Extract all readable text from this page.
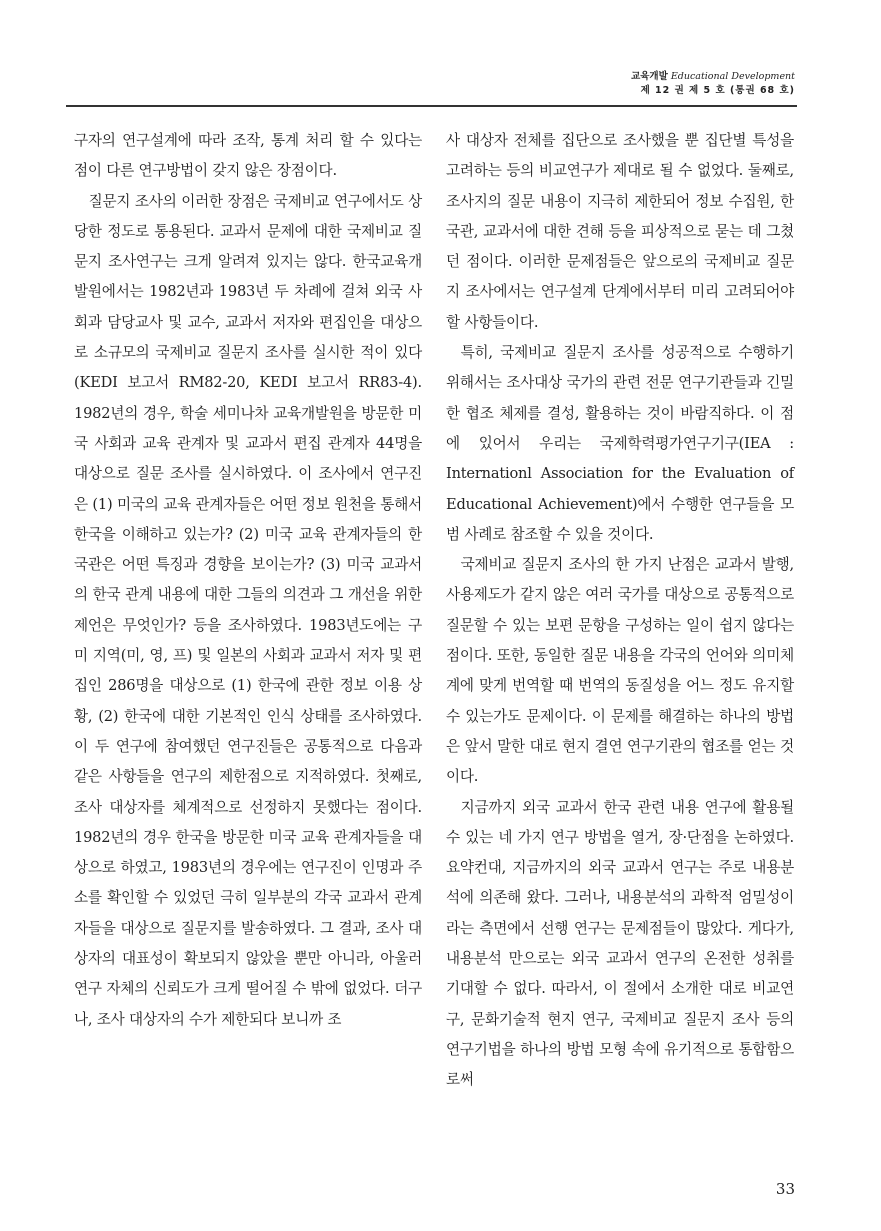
교육개발 Educational Development
제 12 권 제 5 호 (통권 68 호)

구자의 연구설계에 따라 조작, 통계 처리 할 수 있다는 점이 다른 연구방법이 갖지 않은 장점이다.

질문지 조사의 이러한 장점은 국제비교 연구에서도 상당한 정도로 통용된다. 교과서 문제에 대한 국제비교 질문지 조사연구는 크게 알려져 있지는 않다. 한국교육개발원에서는 1982년과 1983년 두 차례에 걸쳐 외국 사회과 담당교사 및 교수, 교과서 저자와 편집인을 대상으로 소규모의 국제비교 질문지 조사를 실시한 적이 있다(KEDI 보고서 RM82-20, KEDI 보고서 RR83-4). 1982년의 경우, 학술 세미나차 교육개발원을 방문한 미국 사회과 교육 관계자 및 교과서 편집 관계자 44명을 대상으로 질문 조사를 실시하였다. 이 조사에서 연구진은 (1) 미국의 교육 관계자들은 어떤 정보 원천을 통해서 한국을 이해하고 있는가? (2) 미국 교육 관계자들의 한국관은 어떤 특징과 경향을 보이는가? (3) 미국 교과서의 한국 관계 내용에 대한 그들의 의견과 그 개선을 위한 제언은 무엇인가? 등을 조사하였다. 1983년도에는 구미 지역(미, 영, 프) 및 일본의 사회과 교과서 저자 및 편집인 286명을 대상으로 (1) 한국에 관한 정보 이용 상황, (2) 한국에 대한 기본적인 인식 상태를 조사하였다. 이 두 연구에 참여했던 연구진들은 공통적으로 다음과 같은 사항들을 연구의 제한점으로 지적하였다. 첫째로, 조사 대상자를 체계적으로 선정하지 못했다는 점이다. 1982년의 경우 한국을 방문한 미국 교육 관계자들을 대상으로 하였고, 1983년의 경우에는 연구진이 인명과 주소를 확인할 수 있었던 극히 일부분의 각국 교과서 관계자들을 대상으로 질문지를 발송하였다. 그 결과, 조사 대상자의 대표성이 확보되지 않았을 뿐만 아니라, 아울러 연구 자체의 신뢰도가 크게 떨어질 수 밖에 없었다. 더구나, 조사 대상자의 수가 제한되다 보니까 조

사 대상자 전체를 집단으로 조사했을 뿐 집단별 특성을 고려하는 등의 비교연구가 제대로 될 수 없었다. 둘째로, 조사지의 질문 내용이 지극히 제한되어 정보 수집원, 한국관, 교과서에 대한 견해 등을 피상적으로 묻는 데 그쳤던 점이다. 이러한 문제점들은 앞으로의 국제비교 질문지 조사에서는 연구설계 단계에서부터 미리 고려되어야 할 사항들이다.

특히, 국제비교 질문지 조사를 성공적으로 수행하기 위해서는 조사대상 국가의 관련 전문 연구기관들과 긴밀한 협조 체제를 결성, 활용하는 것이 바람직하다. 이 점에 있어서 우리는 국제학력평가연구기구(IEA : Internationl Association for the Evaluation of Educational Achievement)에서 수행한 연구들을 모범 사례로 참조할 수 있을 것이다.

국제비교 질문지 조사의 한 가지 난점은 교과서 발행, 사용제도가 같지 않은 여러 국가를 대상으로 공통적으로 질문할 수 있는 보편 문항을 구성하는 일이 쉽지 않다는 점이다. 또한, 동일한 질문 내용을 각국의 언어와 의미체계에 맞게 번역할 때 번역의 동질성을 어느 정도 유지할 수 있는가도 문제이다. 이 문제를 해결하는 하나의 방법은 앞서 말한 대로 현지 결연 연구기관의 협조를 얻는 것이다.

지금까지 외국 교과서 한국 관련 내용 연구에 활용될 수 있는 네 가지 연구 방법을 열거, 장·단점을 논하였다. 요약컨대, 지금까지의 외국 교과서 연구는 주로 내용분석에 의존해 왔다. 그러나, 내용분석의 과학적 엄밀성이라는 측면에서 선행 연구는 문제점들이 많았다. 게다가, 내용분석 만으로는 외국 교과서 연구의 온전한 성취를 기대할 수 없다. 따라서, 이 절에서 소개한 대로 비교연구, 문화기술적 현지 연구, 국제비교 질문지 조사 등의 연구기법을 하나의 방법 모형 속에 유기적으로 통합함으로써

33
